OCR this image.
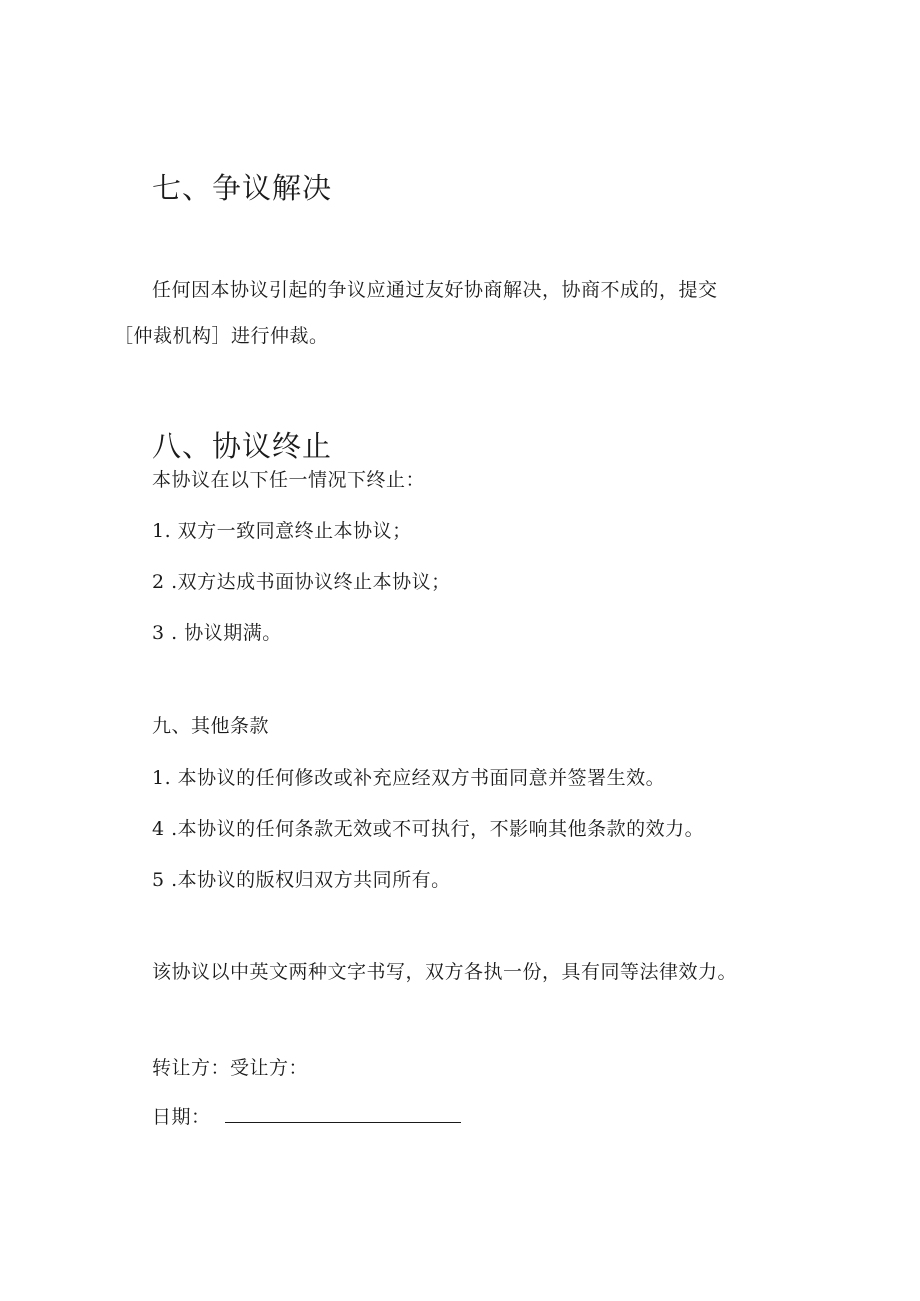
七、争议解决

任何因本协议引起的争议应通过友好协商解决，协商不成的，提交

［仲裁机构］进行仲裁。

八、协议终止

本协议在以下任一情况下终止：

1. 双方一致同意终止本协议；

2 .双方达成书面协议终止本协议；

3 . 协议期满。

九、其他条款

1. 本协议的任何修改或补充应经双方书面同意并签署生效。

4 .本协议的任何条款无效或不可执行，不影响其他条款的效力。

5 .本协议的版权归双方共同所有。

该协议以中英文两种文字书写，双方各执一份，具有同等法律效力。

转让方：受让方：

日期：
